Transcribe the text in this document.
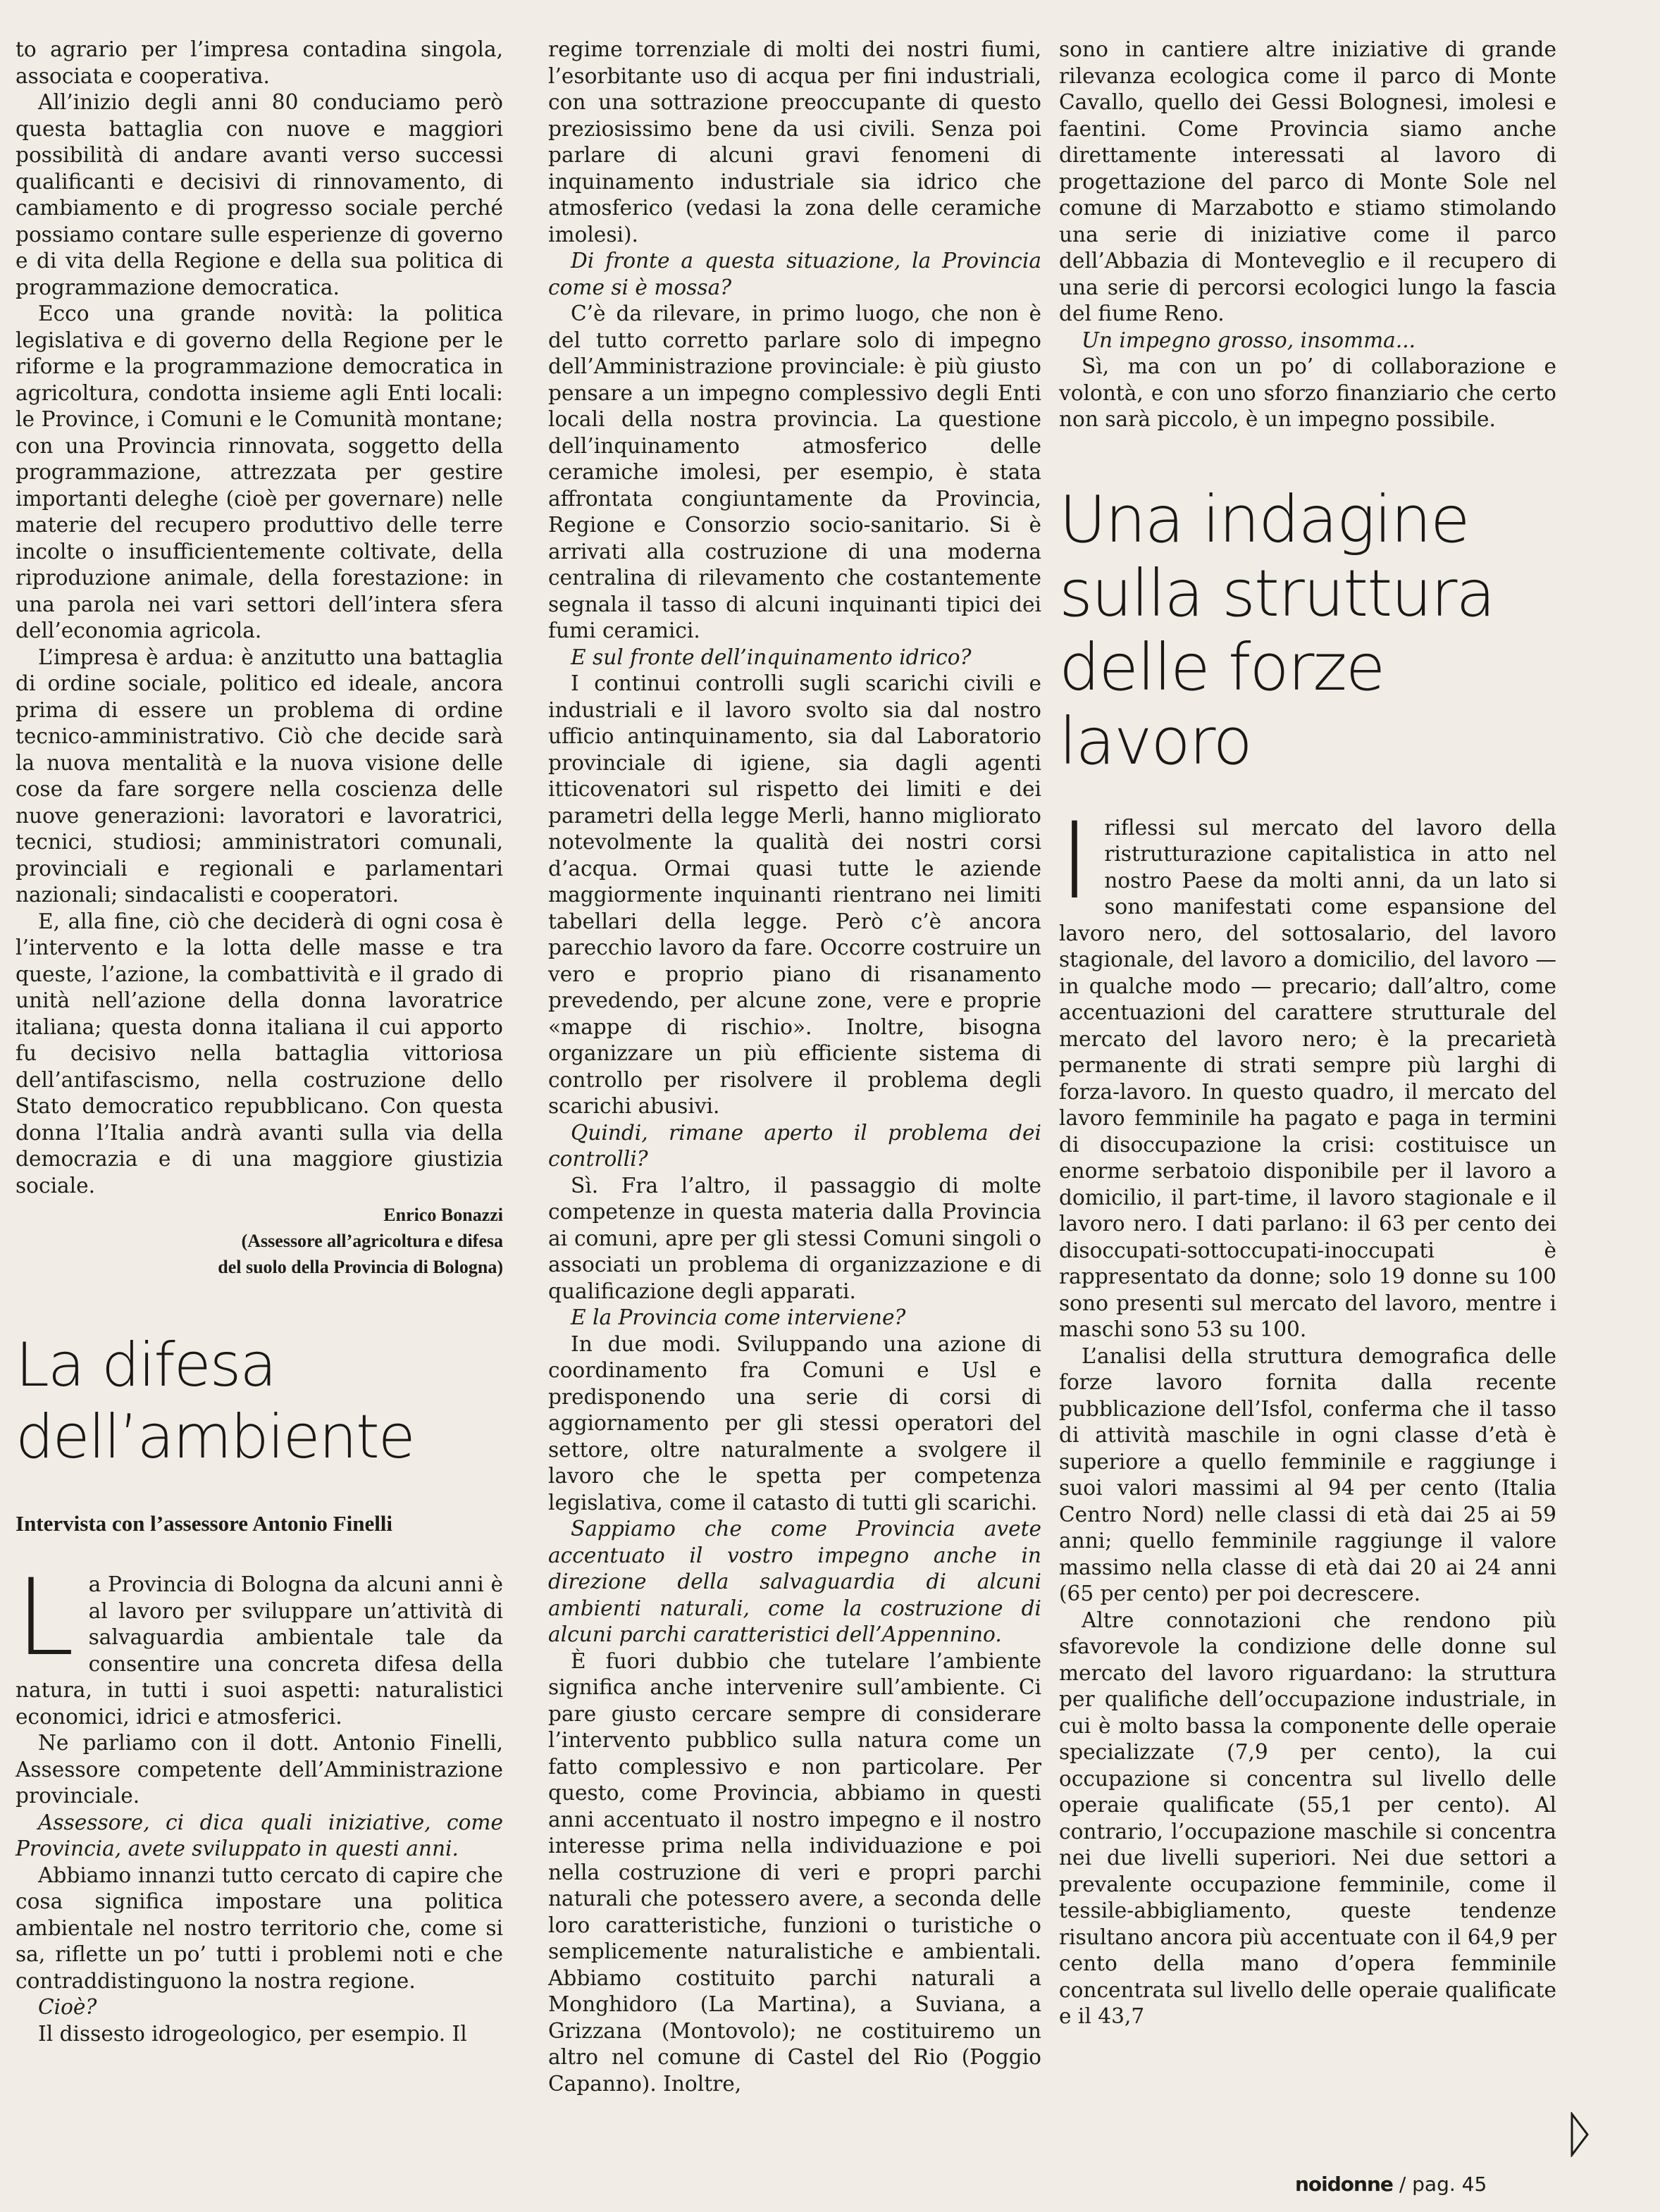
to agrario per l’impresa contadina singola, associata e cooperativa.

All’inizio degli anni 80 conduciamo però questa battaglia con nuove e maggiori possibilità di andare avanti verso successi qualificanti e decisivi di rinnovamento, di cambiamento e di progresso sociale perché possiamo contare sulle esperienze di governo e di vita della Regione e della sua politica di programmazione democratica.

Ecco una grande novità: la politica legislativa e di governo della Regione per le riforme e la programmazione democratica in agricoltura, condotta insieme agli Enti locali: le Province, i Comuni e le Comunità montane; con una Provincia rinnovata, soggetto della programmazione, attrezzata per gestire importanti deleghe (cioè per governare) nelle materie del recupero produttivo delle terre incolte o insufficientemente coltivate, della riproduzione animale, della forestazione: in una parola nei vari settori dell’intera sfera dell’economia agricola.

L’impresa è ardua: è anzitutto una battaglia di ordine sociale, politico ed ideale, ancora prima di essere un problema di ordine tecnico-amministrativo. Ciò che decide sarà la nuova mentalità e la nuova visione delle cose da fare sorgere nella coscienza delle nuove generazioni: lavoratori e lavoratrici, tecnici, studiosi; amministratori comunali, provinciali e regionali e parlamentari nazionali; sindacalisti e cooperatori.

E, alla fine, ciò che deciderà di ogni cosa è l’intervento e la lotta delle masse e tra queste, l’azione, la combattività e il grado di unità nell’azione della donna lavoratrice italiana; questa donna italiana il cui apporto fu decisivo nella battaglia vittoriosa dell’antifascismo, nella costruzione dello Stato democratico repubblicano. Con questa donna l’Italia andrà avanti sulla via della democrazia e di una maggiore giustizia sociale.

Enrico Bonazzi
(Assessore all’agricoltura e difesa
del suolo della Provincia di Bologna)
La difesa dell’ambiente
Intervista con l’assessore Antonio Finelli

La Provincia di Bologna da alcuni anni è al lavoro per sviluppare un’attività di salvaguardia ambientale tale da consentire una concreta difesa della natura, in tutti i suoi aspetti: naturalistici economici, idrici e atmosferici.

Ne parliamo con il dott. Antonio Finelli, Assessore competente dell’Amministrazione provinciale.

Assessore, ci dica quali iniziative, come Provincia, avete sviluppato in questi anni.

Abbiamo innanzi tutto cercato di capire che cosa significa impostare una politica ambientale nel nostro territorio che, come si sa, riflette un po’ tutti i problemi noti e che contraddistinguono la nostra regione.

Cioè?

Il dissesto idrogeologico, per esempio. Il

regime torrenziale di molti dei nostri fiumi, l’esorbitante uso di acqua per fini industriali, con una sottrazione preoccupante di questo preziosissimo bene da usi civili. Senza poi parlare di alcuni gravi fenomeni di inquinamento industriale sia idrico che atmosferico (vedasi la zona delle ceramiche imolesi).

Di fronte a questa situazione, la Provincia come si è mossa?

C’è da rilevare, in primo luogo, che non è del tutto corretto parlare solo di impegno dell’Amministrazione provinciale: è più giusto pensare a un impegno complessivo degli Enti locali della nostra provincia. La questione dell’inquinamento atmosferico delle ceramiche imolesi, per esempio, è stata affrontata congiuntamente da Provincia, Regione e Consorzio socio-sanitario. Si è arrivati alla costruzione di una moderna centralina di rilevamento che costantemente segnala il tasso di alcuni inquinanti tipici dei fumi ceramici.

E sul fronte dell’inquinamento idrico?

I continui controlli sugli scarichi civili e industriali e il lavoro svolto sia dal nostro ufficio antinquinamento, sia dal Laboratorio provinciale di igiene, sia dagli agenti itticovenatori sul rispetto dei limiti e dei parametri della legge Merli, hanno migliorato notevolmente la qualità dei nostri corsi d’acqua. Ormai quasi tutte le aziende maggiormente inquinanti rientrano nei limiti tabellari della legge. Però c’è ancora parecchio lavoro da fare. Occorre costruire un vero e proprio piano di risanamento prevedendo, per alcune zone, vere e proprie «mappe di rischio». Inoltre, bisogna organizzare un più efficiente sistema di controllo per risolvere il problema degli scarichi abusivi.

Quindi, rimane aperto il problema dei controlli?

Sì. Fra l’altro, il passaggio di molte competenze in questa materia dalla Provincia ai comuni, apre per gli stessi Comuni singoli o associati un problema di organizzazione e di qualificazione degli apparati.

E la Provincia come interviene?

In due modi. Sviluppando una azione di coordinamento fra Comuni e Usl e predisponendo una serie di corsi di aggiornamento per gli stessi operatori del settore, oltre naturalmente a svolgere il lavoro che le spetta per competenza legislativa, come il catasto di tutti gli scarichi.

Sappiamo che come Provincia avete accentuato il vostro impegno anche in direzione della salvaguardia di alcuni ambienti naturali, come la costruzione di alcuni parchi caratteristici dell’Appennino.

È fuori dubbio che tutelare l’ambiente significa anche intervenire sull’ambiente. Ci pare giusto cercare sempre di considerare l’intervento pubblico sulla natura come un fatto complessivo e non particolare. Per questo, come Provincia, abbiamo in questi anni accentuato il nostro impegno e il nostro interesse prima nella individuazione e poi nella costruzione di veri e propri parchi naturali che potessero avere, a seconda delle loro caratteristiche, funzioni o turistiche o semplicemente naturalistiche e ambientali. Abbiamo costituito parchi naturali a Monghidoro (La Martina), a Suviana, a Grizzana (Montovolo); ne costituiremo un altro nel comune di Castel del Rio (Poggio Capanno). Inoltre,

sono in cantiere altre iniziative di grande rilevanza ecologica come il parco di Monte Cavallo, quello dei Gessi Bolognesi, imolesi e faentini. Come Provincia siamo anche direttamente interessati al lavoro di progettazione del parco di Monte Sole nel comune di Marzabotto e stiamo stimolando una serie di iniziative come il parco dell’Abbazia di Monteveglio e il recupero di una serie di percorsi ecologici lungo la fascia del fiume Reno.

Un impegno grosso, insomma...

Sì, ma con un po’ di collaborazione e volontà, e con uno sforzo finanziario che certo non sarà piccolo, è un impegno possibile.

Una indagine sulla struttura delle forze lavoro

Iriflessi sul mercato del lavoro della ristrutturazione capitalistica in atto nel nostro Paese da molti anni, da un lato si sono manifestati come espansione del lavoro nero, del sottosalario, del lavoro stagionale, del lavoro a domicilio, del lavoro — in qualche modo — precario; dall’altro, come accentuazioni del carattere strutturale del mercato del lavoro nero; è la precarietà permanente di strati sempre più larghi di forza-lavoro. In questo quadro, il mercato del lavoro femminile ha pagato e paga in termini di disoccupazione la crisi: costituisce un enorme serbatoio disponibile per il lavoro a domicilio, il part-time, il lavoro stagionale e il lavoro nero. I dati parlano: il 63 per cento dei disoccupati-sottoccupati-inoccupati è rappresentato da donne; solo 19 donne su 100 sono presenti sul mercato del lavoro, mentre i maschi sono 53 su 100.

L’analisi della struttura demografica delle forze lavoro fornita dalla recente pubblicazione dell’Isfol, conferma che il tasso di attività maschile in ogni classe d’età è superiore a quello femminile e raggiunge i suoi valori massimi al 94 per cento (Italia Centro Nord) nelle classi di età dai 25 ai 59 anni; quello femminile raggiunge il valore massimo nella classe di età dai 20 ai 24 anni (65 per cento) per poi decrescere.

Altre connotazioni che rendono più sfavorevole la condizione delle donne sul mercato del lavoro riguardano: la struttura per qualifiche dell’occupazione industriale, in cui è molto bassa la componente delle operaie specializzate (7,9 per cento), la cui occupazione si concentra sul livello delle operaie qualificate (55,1 per cento). Al contrario, l’occupazione maschile si concentra nei due livelli superiori. Nei due settori a prevalente occupazione femminile, come il tessile-abbigliamento, queste tendenze risultano ancora più accentuate con il 64,9 per cento della mano d’opera femminile concentrata sul livello delle operaie qualificate e il 43,7

noidonne / pag. 45
